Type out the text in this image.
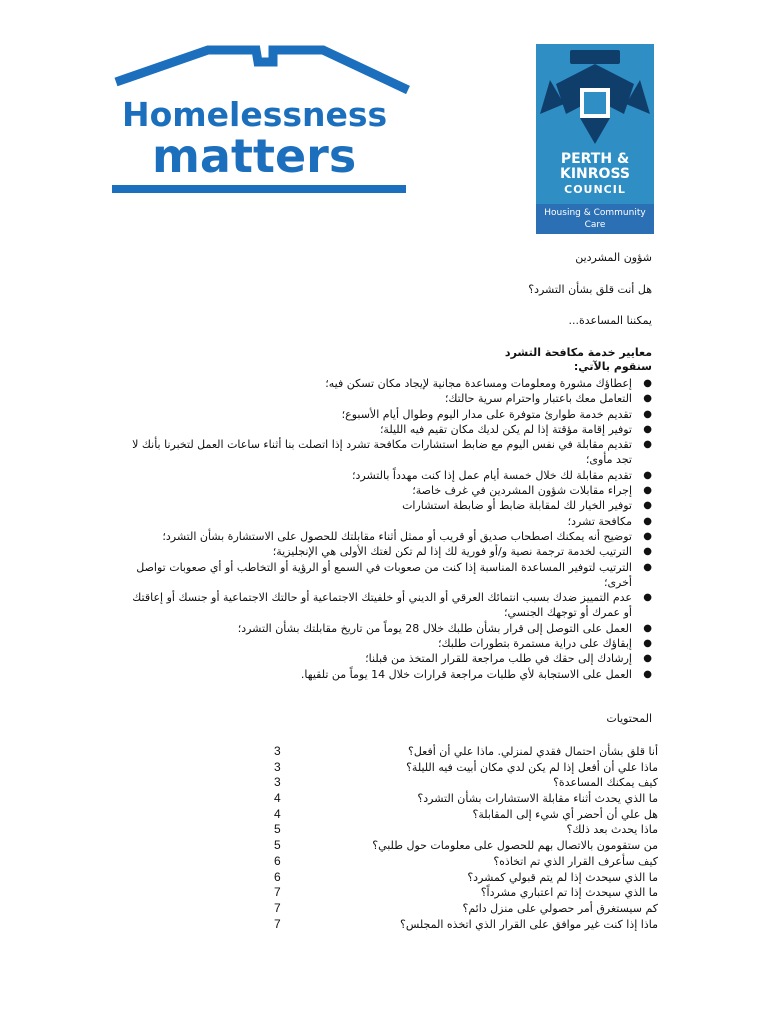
Homelessness
matters	PERTH &
KINROSS
COUNCIL
Housing & Community Care
شؤون المشردين
هل أنت قلق بشأن التشرد؟
يمكننا المساعدة...
معايير خدمة مكافحة التشرد
سنقوم بالآتي:
●
إعطاؤك مشورة ومعلومات ومساعدة مجانية لإيجاد مكان تسكن فيه؛
●
التعامل معك باعتبار واحترام سرية حالتك؛
●
تقديم خدمة طوارئ متوفرة على مدار اليوم وطوال أيام الأسبوع؛
●
توفير إقامة مؤقتة إذا لم يكن لديك مكان تقيم فيه الليلة؛
●
تقديم مقابلة في نفس اليوم مع ضابط استشارات مكافحة تشرد إذا اتصلت بنا أثناء ساعات العمل لتخبرنا بأنك لا تجد مأوى؛
●
تقديم مقابلة لك خلال خمسة أيام عمل إذا كنت مهدداً بالتشرد؛
●
إجراء مقابلات شؤون المشردين في غرف خاصة؛
●
توفير الخيار لك لمقابلة ضابط أو ضابطة استشارات
●
مكافحة تشرد؛
●
توضيح أنه يمكنك اصطحاب صديق أو قريب أو ممثل أثناء مقابلتك للحصول على الاستشارة بشأن التشرد؛
●
الترتيب لخدمة ترجمة نصية و/أو فورية لك إذا لم تكن لغتك الأولى هي الإنجليزية؛
●
الترتيب لتوفير المساعدة المناسبة إذا كنت من صعوبات في السمع أو الرؤية أو التخاطب أو أي صعوبات تواصل أخرى؛
●
عدم التمييز ضدك بسبب انتمائك العرقي أو الديني أو خلفيتك الاجتماعية أو حالتك الاجتماعية أو جنسك أو إعاقتك أو عمرك أو توجهك الجنسي؛
●
العمل على التوصل إلى قرار بشأن طلبك خلال 28 يوماً من تاريخ مقابلتك بشأن التشرد؛
●
إبقاؤك على دراية مستمرة بتطورات طلبك؛
●
إرشادك إلى حقك في طلب مراجعة للقرار المتخذ من قبلنا؛
●
العمل على الاستجابة لأي طلبات مراجعة قرارات خلال 14 يوماً من تلقيها.
المحتويات
أنا قلق بشأن احتمال فقدي لمنزلي. ماذا علي أن أفعل؟
3
ماذا علي أن أفعل إذا لم يكن لدي مكان أبيت فيه الليلة؟
3
كيف يمكنك المساعدة؟
3
ما الذي يحدث أثناء مقابلة الاستشارات بشأن التشرد؟
4
هل علي أن أحضر أي شيء إلى المقابلة؟
4
ماذا يحدث بعد ذلك؟
5
من ستقومون بالاتصال بهم للحصول على معلومات حول طلبي؟
5
كيف سأعرف القرار الذي تم اتخاذه؟
6
ما الذي سيحدث إذا لم يتم قبولي كمشرد؟
6
ما الذي سيحدث إذا تم اعتباري مشرداً؟
7
كم سيستغرق أمر حصولي على منزل دائم؟
7
ماذا إذا كنت غير موافق على القرار الذي اتخذه المجلس؟
7
